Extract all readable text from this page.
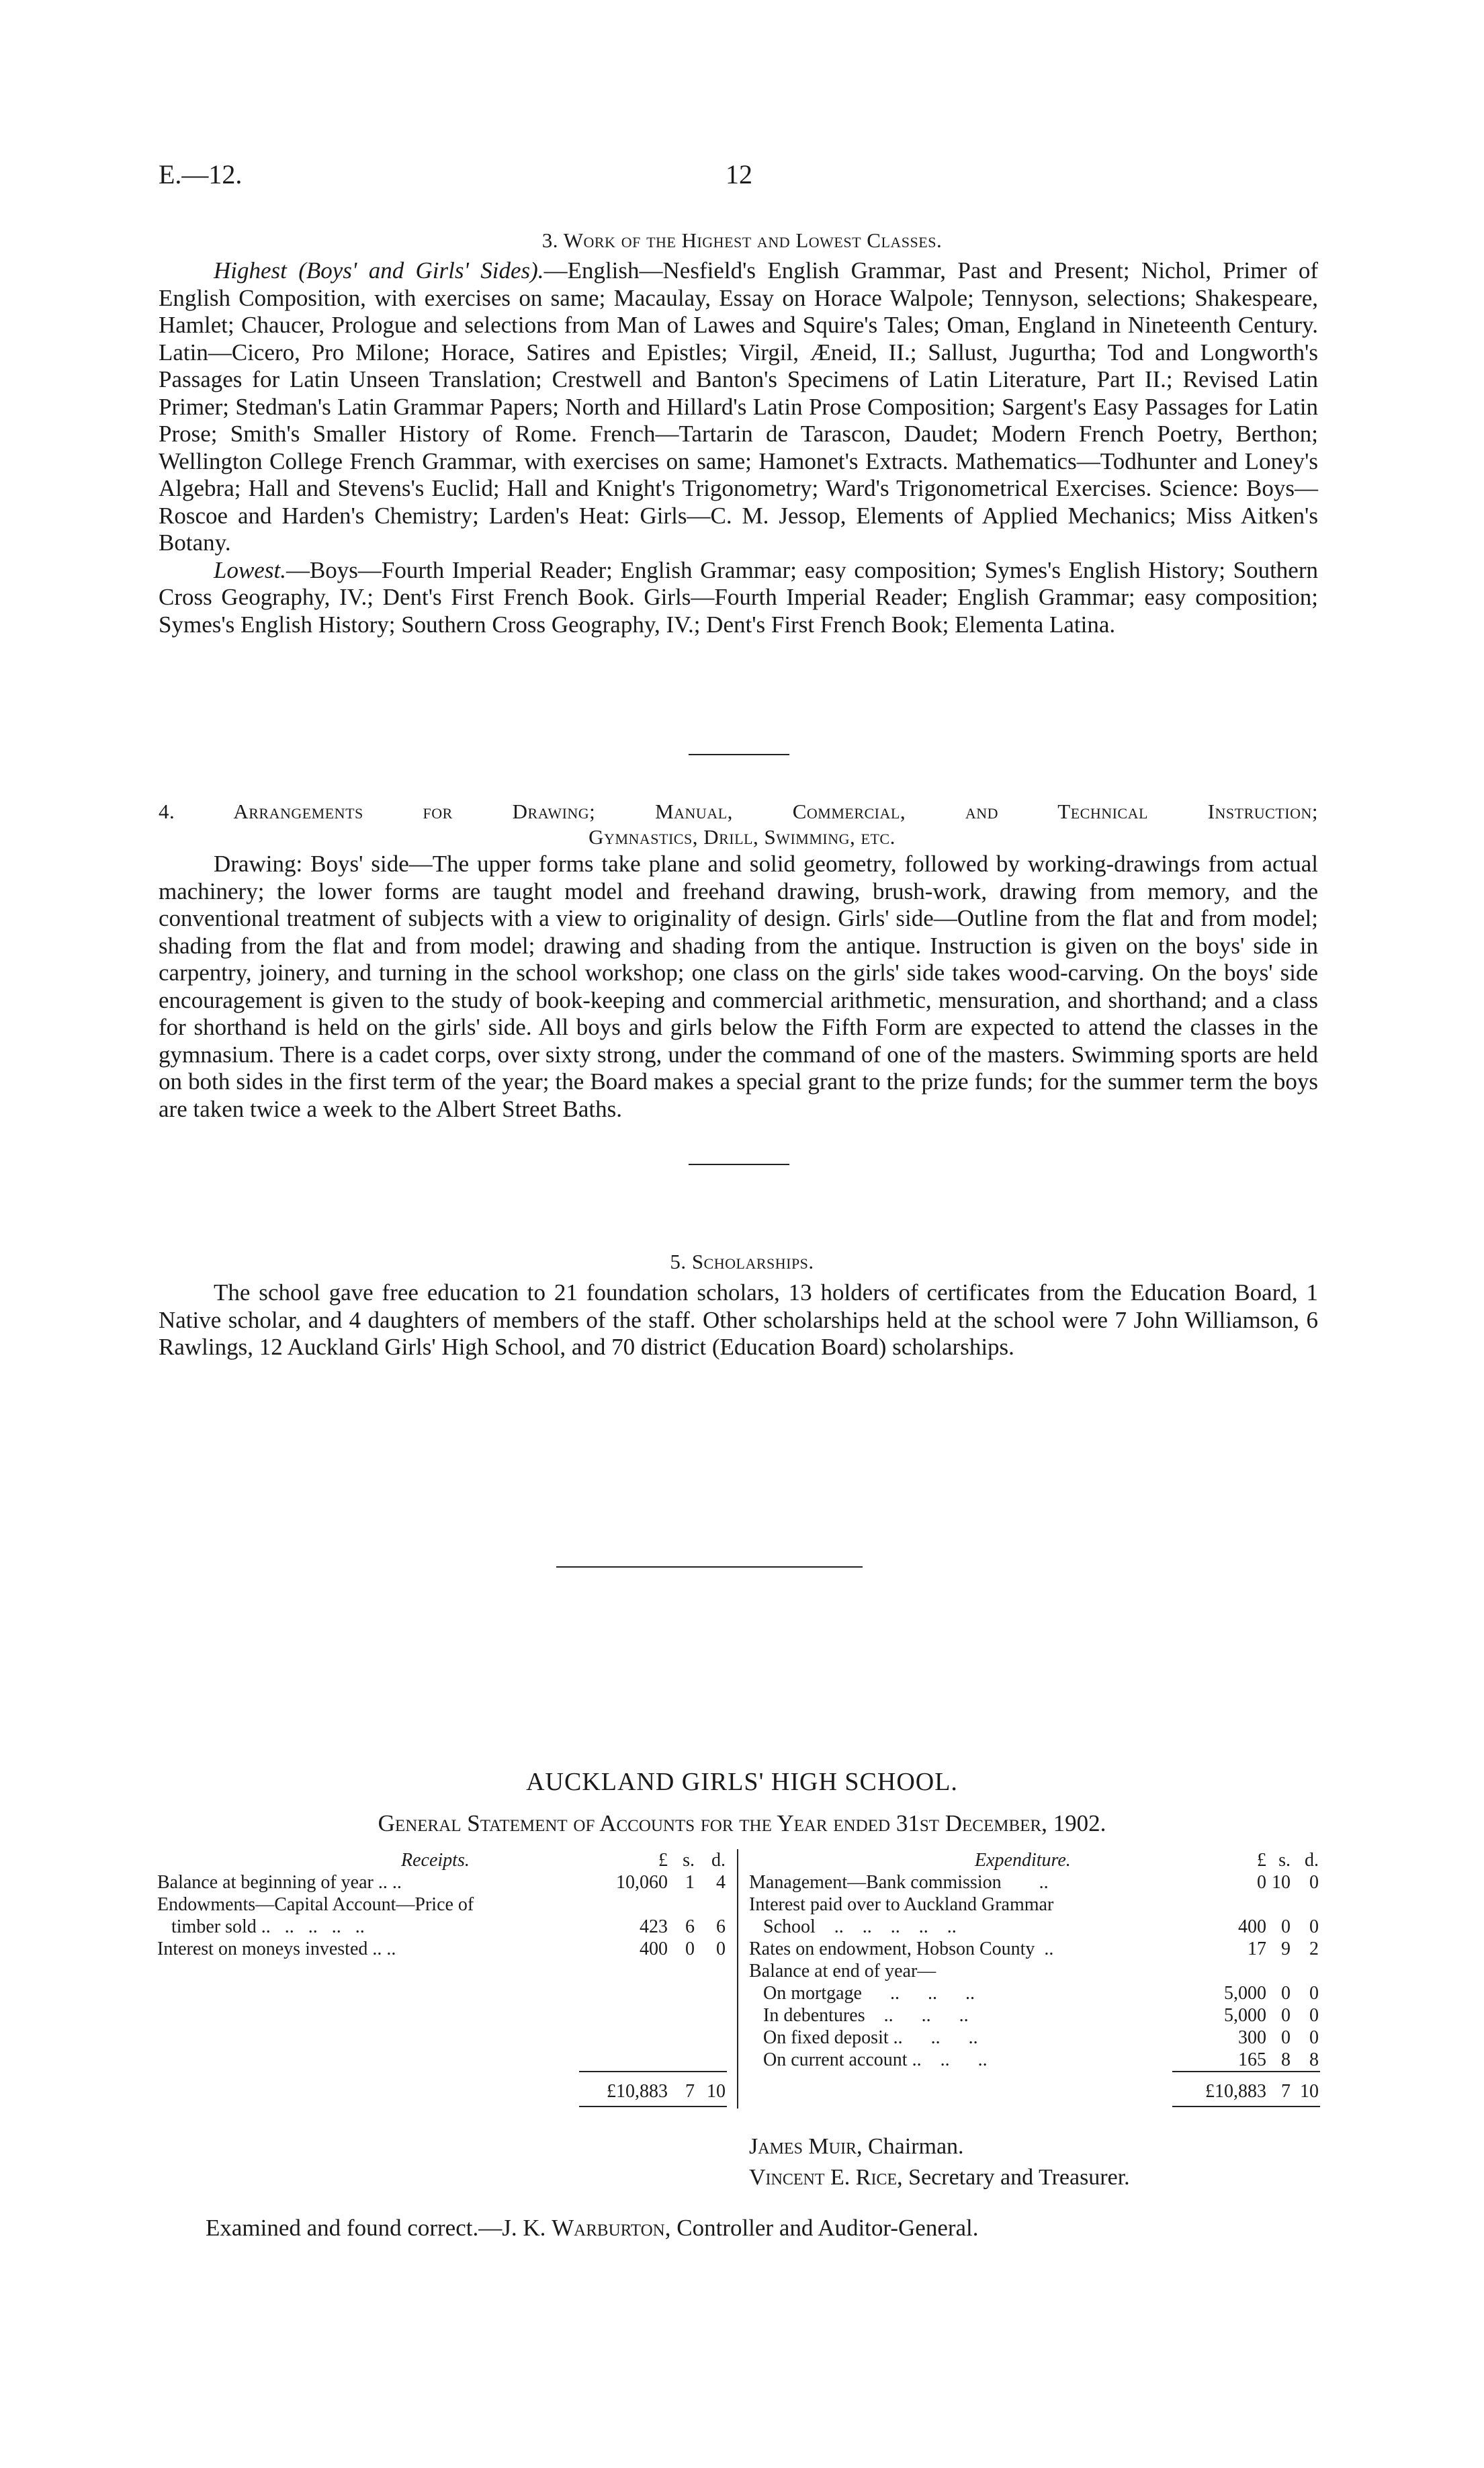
E.—12.	12
3. Work of the Highest and Lowest Classes.
Highest (Boys' and Girls' Sides).—English—Nesfield's English Grammar, Past and Present; Nichol, Primer of English Composition, with exercises on same; Macaulay, Essay on Horace Walpole; Tennyson, selections; Shakespeare, Hamlet; Chaucer, Prologue and selections from Man of Lawes and Squire's Tales; Oman, England in Nineteenth Century. Latin—Cicero, Pro Milone; Horace, Satires and Epistles; Virgil, Æneid, II.; Sallust, Jugurtha; Tod and Longworth's Passages for Latin Unseen Translation; Crestwell and Banton's Specimens of Latin Literature, Part II.; Revised Latin Primer; Stedman's Latin Grammar Papers; North and Hillard's Latin Prose Composition; Sargent's Easy Passages for Latin Prose; Smith's Smaller History of Rome. French—Tartarin de Tarascon, Daudet; Modern French Poetry, Berthon; Wellington College French Grammar, with exercises on same; Hamonet's Extracts. Mathematics—Todhunter and Loney's Algebra; Hall and Stevens's Euclid; Hall and Knight's Trigonometry; Ward's Trigonometrical Exercises. Science: Boys—Roscoe and Harden's Chemistry; Larden's Heat: Girls—C. M. Jessop, Elements of Applied Mechanics; Miss Aitken's Botany.
Lowest.—Boys—Fourth Imperial Reader; English Grammar; easy composition; Symes's English History; Southern Cross Geography, IV.; Dent's First French Book. Girls—Fourth Imperial Reader; English Grammar; easy composition; Symes's English History; Southern Cross Geography, IV.; Dent's First French Book; Elementa Latina.
4. Arrangements for Drawing; Manual, Commercial, and Technical Instruction;
Gymnastics, Drill, Swimming, etc.
Drawing: Boys' side—The upper forms take plane and solid geometry, followed by working-drawings from actual machinery; the lower forms are taught model and freehand drawing, brush-work, drawing from memory, and the conventional treatment of subjects with a view to originality of design. Girls' side—Outline from the flat and from model; shading from the flat and from model; drawing and shading from the antique. Instruction is given on the boys' side in carpentry, joinery, and turning in the school workshop; one class on the girls' side takes wood-carving. On the boys' side encouragement is given to the study of book-keeping and commercial arithmetic, mensuration, and shorthand; and a class for shorthand is held on the girls' side. All boys and girls below the Fifth Form are expected to attend the classes in the gymnasium. There is a cadet corps, over sixty strong, under the command of one of the masters. Swimming sports are held on both sides in the first term of the year; the Board makes a special grant to the prize funds; for the summer term the boys are taken twice a week to the Albert Street Baths.
5. Scholarships.
The school gave free education to 21 foundation scholars, 13 holders of certificates from the Education Board, 1 Native scholar, and 4 daughters of members of the staff. Other scholarships held at the school were 7 John Williamson, 6 Rawlings, 12 Auckland Girls' High School, and 70 district (Education Board) scholarships.
AUCKLAND GIRLS' HIGH SCHOOL.
General Statement of Accounts for the Year ended 31st December, 1902.
Receipts.	£ s. d.
Balance at beginning of year .. ..	10,060 1	4
Endowments—Capital Account—Price of
timber sold ..   ..   ..   ..   ..	423 6	6
Interest on moneys invested .. ..	400 0	0
£10,883 7 10
Expenditure.	£ s. d.
Management—Bank commission        ..	0 10	0
Interest paid over to Auckland Grammar
School    ..    ..    ..    ..    ..	400 0	0
Rates on endowment, Hobson County  ..	17 9	2
Balance at end of year—
On mortgage      ..      ..      ..	5,000 0	0
In debentures    ..      ..      ..	5,000 0	0
On fixed deposit ..      ..      ..	300 0	0
On current account ..    ..      ..	165 8	8
£10,883 7 10
James Muir, Chairman.
Vincent E. Rice, Secretary and Treasurer.
Examined and found correct.—J. K. Warburton, Controller and Auditor-General.
